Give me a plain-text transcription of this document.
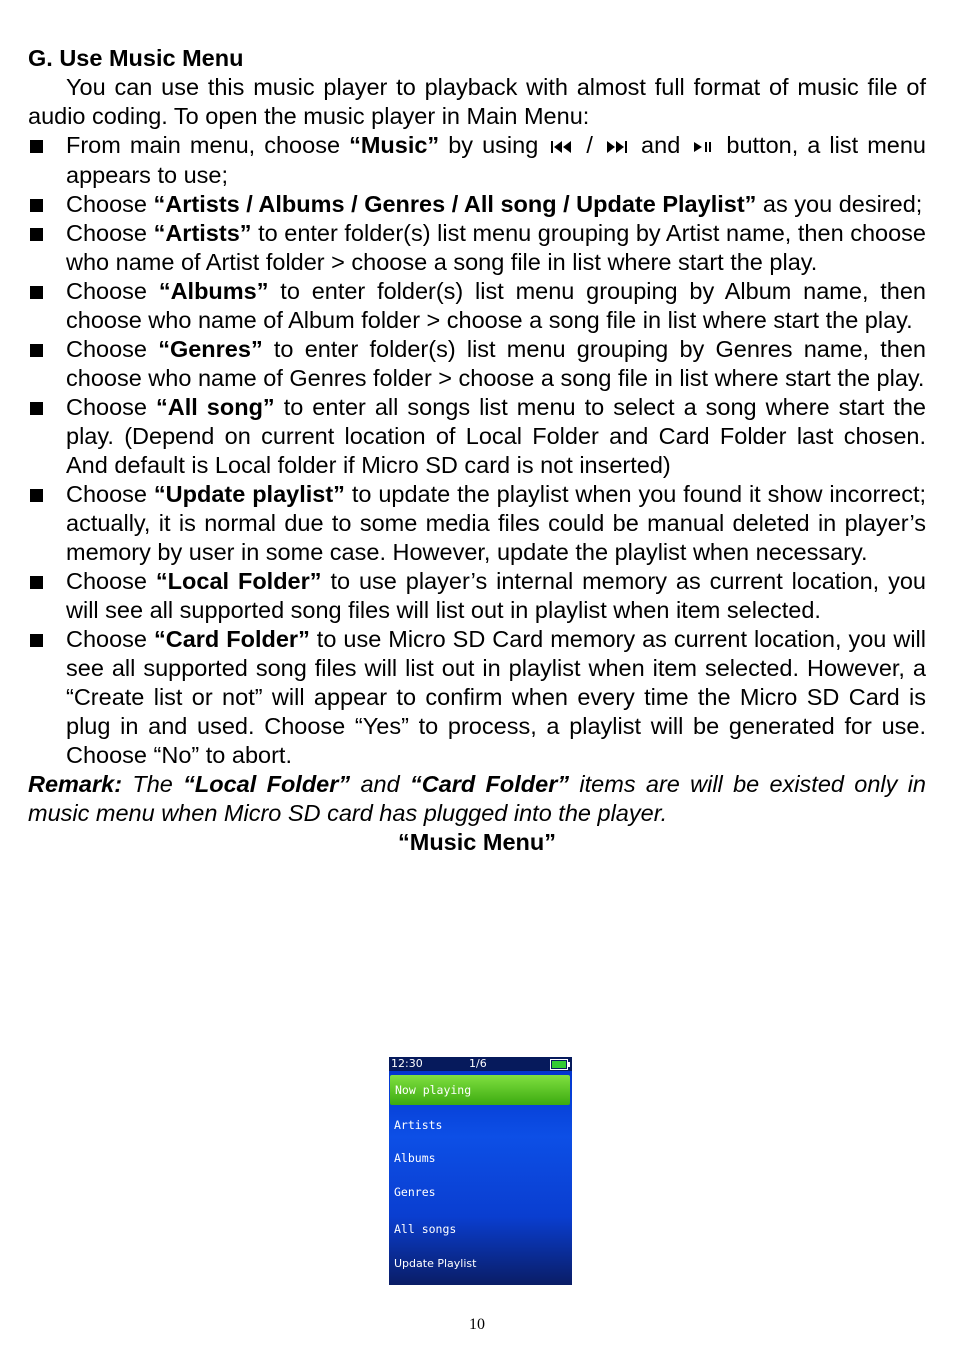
G. Use Music Menu
You can use this music player to playback with almost full format of music file of audio coding. To open the music player in Main Menu:
From main menu, choose “Music” by using  /  and  button, a list menu appears to use;
Choose “Artists / Albums / Genres / All song / Update Playlist” as you desired;
Choose “Artists” to enter folder(s) list menu grouping by Artist name, then choose who name of Artist folder > choose a song file in list where start the play.
Choose “Albums” to enter folder(s) list menu grouping by Album name, then choose who name of Album folder > choose a song file in list where start the play.
Choose “Genres” to enter folder(s) list menu grouping by Genres name, then choose who name of Genres folder > choose a song file in list where start the play.
Choose “All song” to enter all songs list menu to select a song where start the play. (Depend on current location of Local Folder and Card Folder last chosen. And default is Local folder if Micro SD card is not inserted)
Choose “Update playlist” to update the playlist when you found it show incorrect; actually, it is normal due to some media files could be manual deleted in player’s memory by user in some case. However, update the playlist when necessary.
Choose “Local Folder” to use player’s internal memory as current location, you will see all supported song files will list out in playlist when item selected.
Choose “Card Folder” to use Micro SD Card memory as current location, you will see all supported song files will list out in playlist when item selected. However, a “Create list or not” will appear to confirm when every time the Micro SD Card is plug in and used. Choose “Yes” to process, a playlist will be generated for use. Choose “No” to abort.
Remark: The “Local Folder” and “Card Folder” items are will be existed only in music menu when Micro SD card has plugged into the player.
“Music Menu”
12:30	1/6
Now playing
Artists
Albums
Genres
All songs
Update Playlist
10
